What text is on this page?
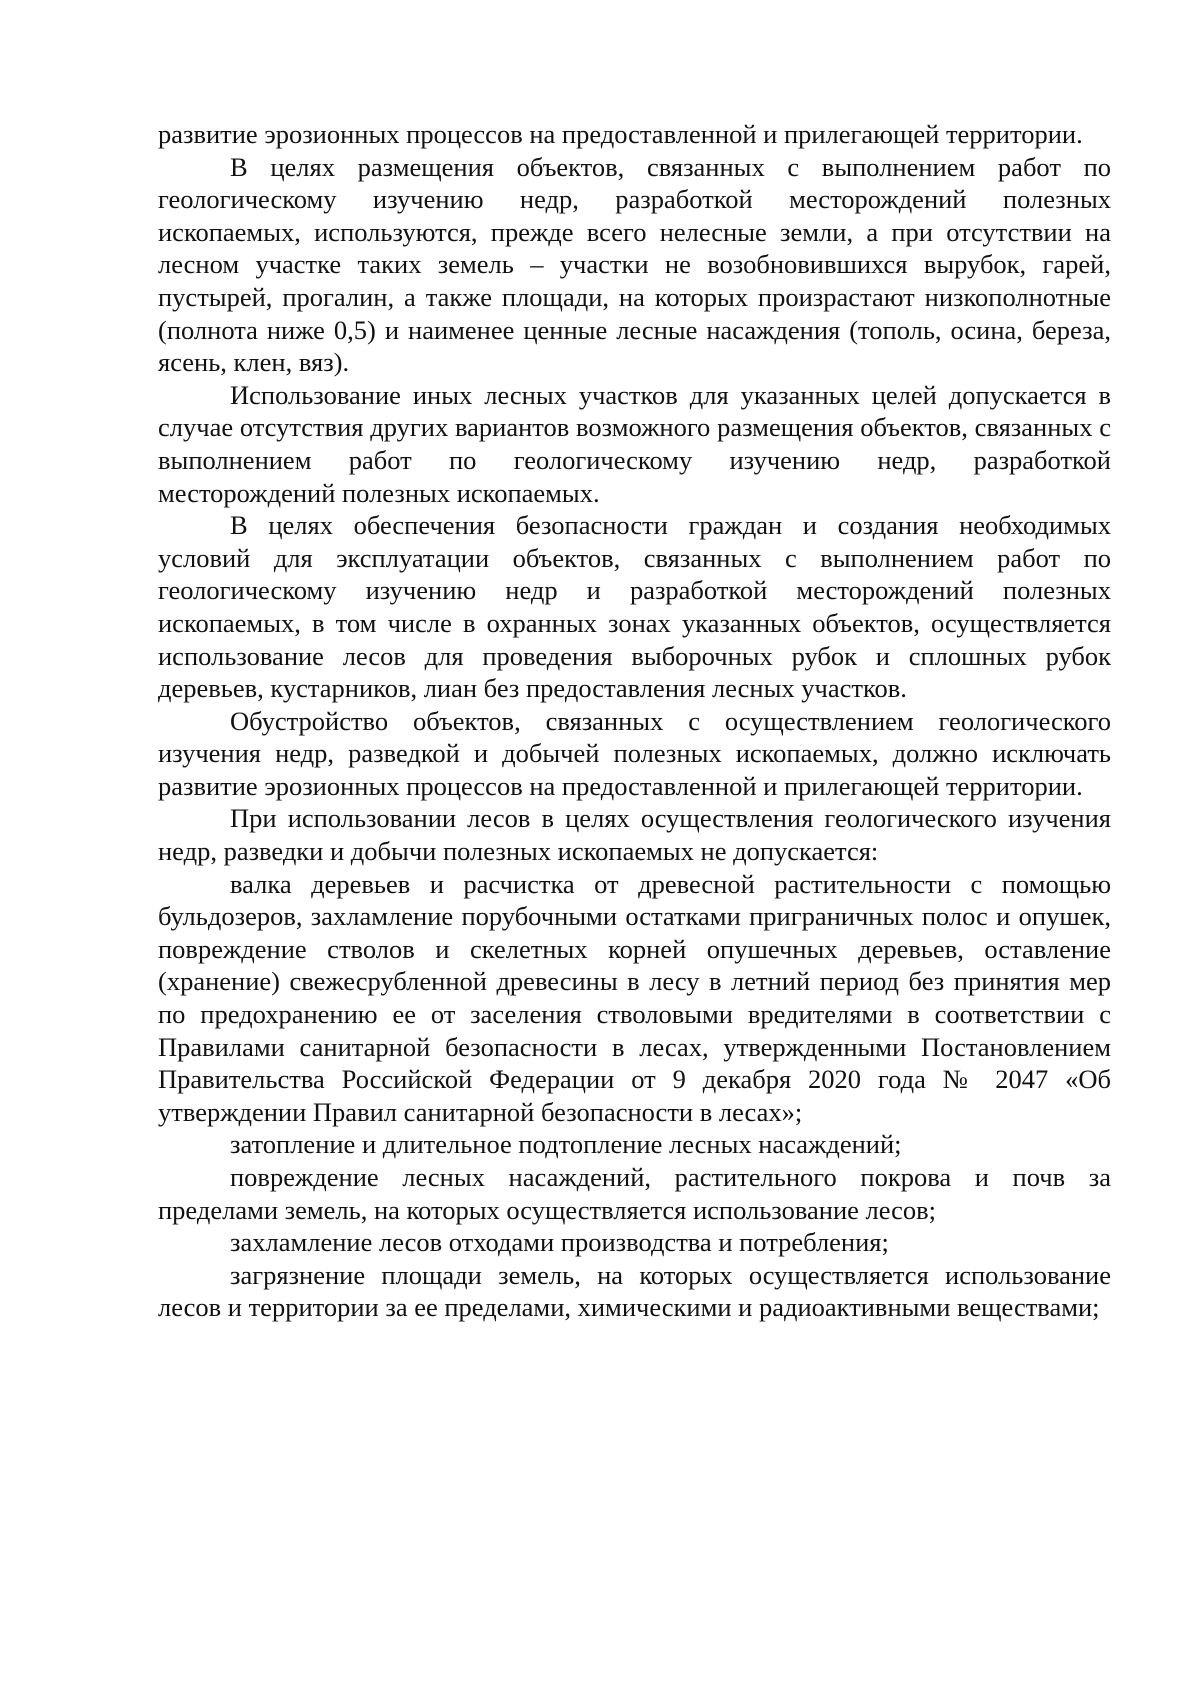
развитие эрозионных процессов на предоставленной и прилегающей территории.

В целях размещения объектов, связанных с выполнением работ по геологическому изучению недр, разработкой месторождений полезных ископаемых, используются, прежде всего нелесные земли, а при отсутствии на лесном участке таких земель – участки не возобновившихся вырубок, гарей, пустырей, прогалин, а также площади, на которых произрастают низкополнотные (полнота ниже 0,5) и наименее ценные лесные насаждения (тополь, осина, береза, ясень, клен, вяз).

Использование иных лесных участков для указанных целей допускается в случае отсутствия других вариантов возможного размещения объектов, связанных с выполнением работ по геологическому изучению недр, разработкой месторождений полезных ископаемых.

В целях обеспечения безопасности граждан и создания необходимых условий для эксплуатации объектов, связанных с выполнением работ по геологическому изучению недр и разработкой месторождений полезных ископаемых, в том числе в охранных зонах указанных объектов, осуществляется использование лесов для проведения выборочных рубок и сплошных рубок деревьев, кустарников, лиан без предоставления лесных участков.

Обустройство объектов, связанных с осуществлением геологического изучения недр, разведкой и добычей полезных ископаемых, должно исключать развитие эрозионных процессов на предоставленной и прилегающей территории.

При использовании лесов в целях осуществления геологического изучения недр, разведки и добычи полезных ископаемых не допускается:

валка деревьев и расчистка от древесной растительности с помощью бульдозеров, захламление порубочными остатками приграничных полос и опушек, повреждение стволов и скелетных корней опушечных деревьев, оставление (хранение) свежесрубленной древесины в лесу в летний период без принятия мер по предохранению ее от заселения стволовыми вредителями в соответствии с Правилами санитарной безопасности в лесах, утвержденными Постановлением Правительства Российской Федерации от 9 декабря 2020 года № 2047 «Об утверждении Правил санитарной безопасности в лесах»;

затопление и длительное подтопление лесных насаждений;

повреждение лесных насаждений, растительного покрова и почв за пределами земель, на которых осуществляется использование лесов;

захламление лесов отходами производства и потребления;

загрязнение площади земель, на которых осуществляется использование лесов и территории за ее пределами, химическими и радиоактивными веществами;
